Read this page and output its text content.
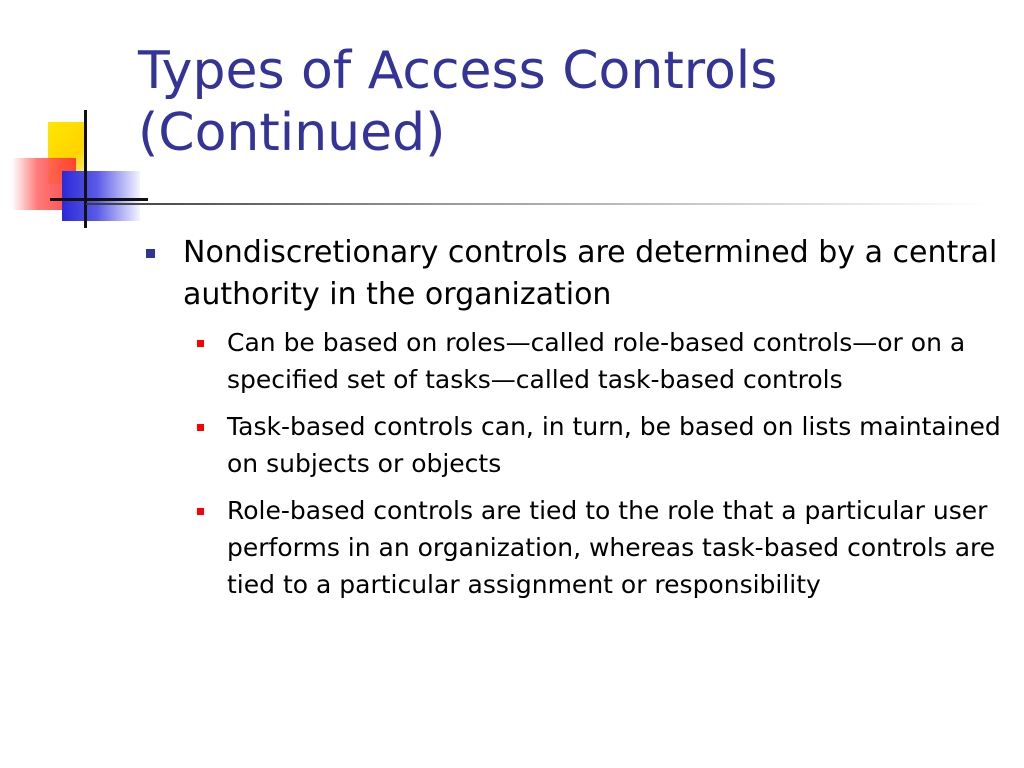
Types of Access Controls (Continued)
Nondiscretionary controls are determined by a central authority in the organization
Can be based on roles—called role-based controls—or on a specified set of tasks—called task-based controls
Task-based controls can, in turn, be based on lists maintained on subjects or objects
Role-based controls are tied to the role that a particular user performs in an organization, whereas task-based controls are tied to a particular assignment or responsibility
